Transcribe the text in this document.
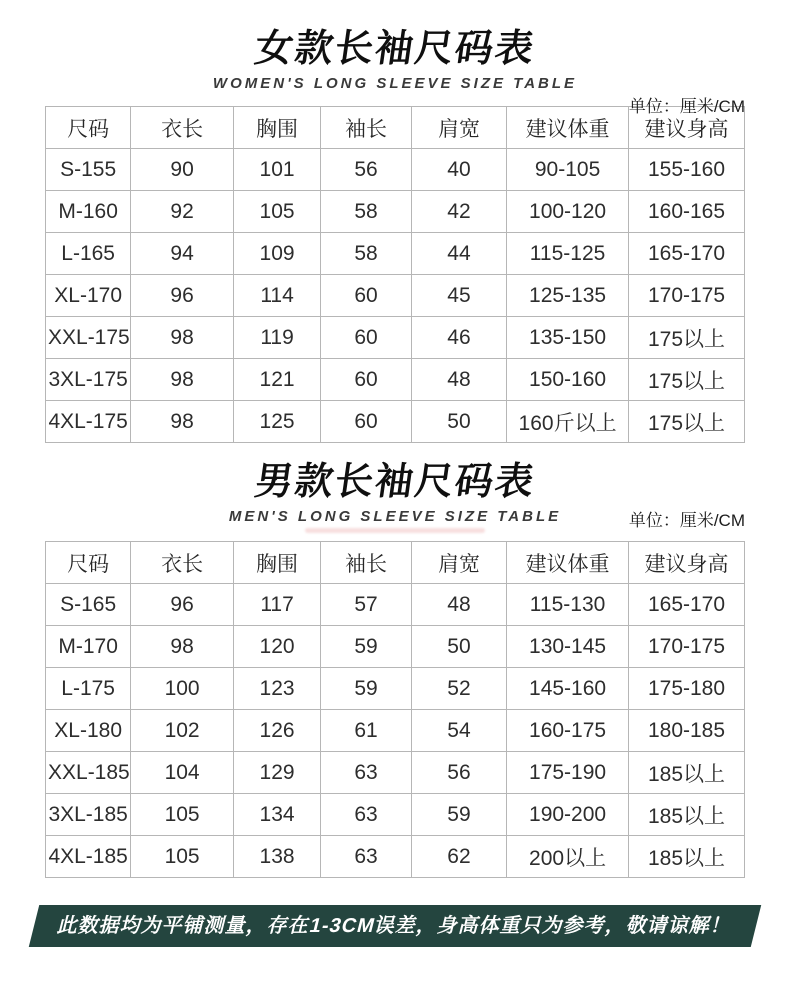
女款长袖尺码表
WOMEN'S LONG SLEEVE SIZE TABLE
单位：厘米/CM
尺码	衣长	胸围	袖长	肩宽	建议体重	建议身高
S-155	90	101	56	40	90-105	155-160
M-160	92	105	58	42	100-120	160-165
L-165	94	109	58	44	115-125	165-170
XL-170	96	114	60	45	125-135	170-175
XXL-175	98	119	60	46	135-150	175以上
3XL-175	98	121	60	48	150-160	175以上
4XL-175	98	125	60	50	160斤以上	175以上
男款长袖尺码表
MEN'S LONG SLEEVE SIZE TABLE	单位：厘米/CM
尺码	衣长	胸围	袖长	肩宽	建议体重	建议身高
S-165	96	117	57	48	115-130	165-170
M-170	98	120	59	50	130-145	170-175
L-175	100	123	59	52	145-160	175-180
XL-180	102	126	61	54	160-175	180-185
XXL-185	104	129	63	56	175-190	185以上
3XL-185	105	134	63	59	190-200	185以上
4XL-185	105	138	63	62	200以上	185以上
此数据均为平铺测量，存在1-3CM误差，身高体重只为参考，敬请谅解！
